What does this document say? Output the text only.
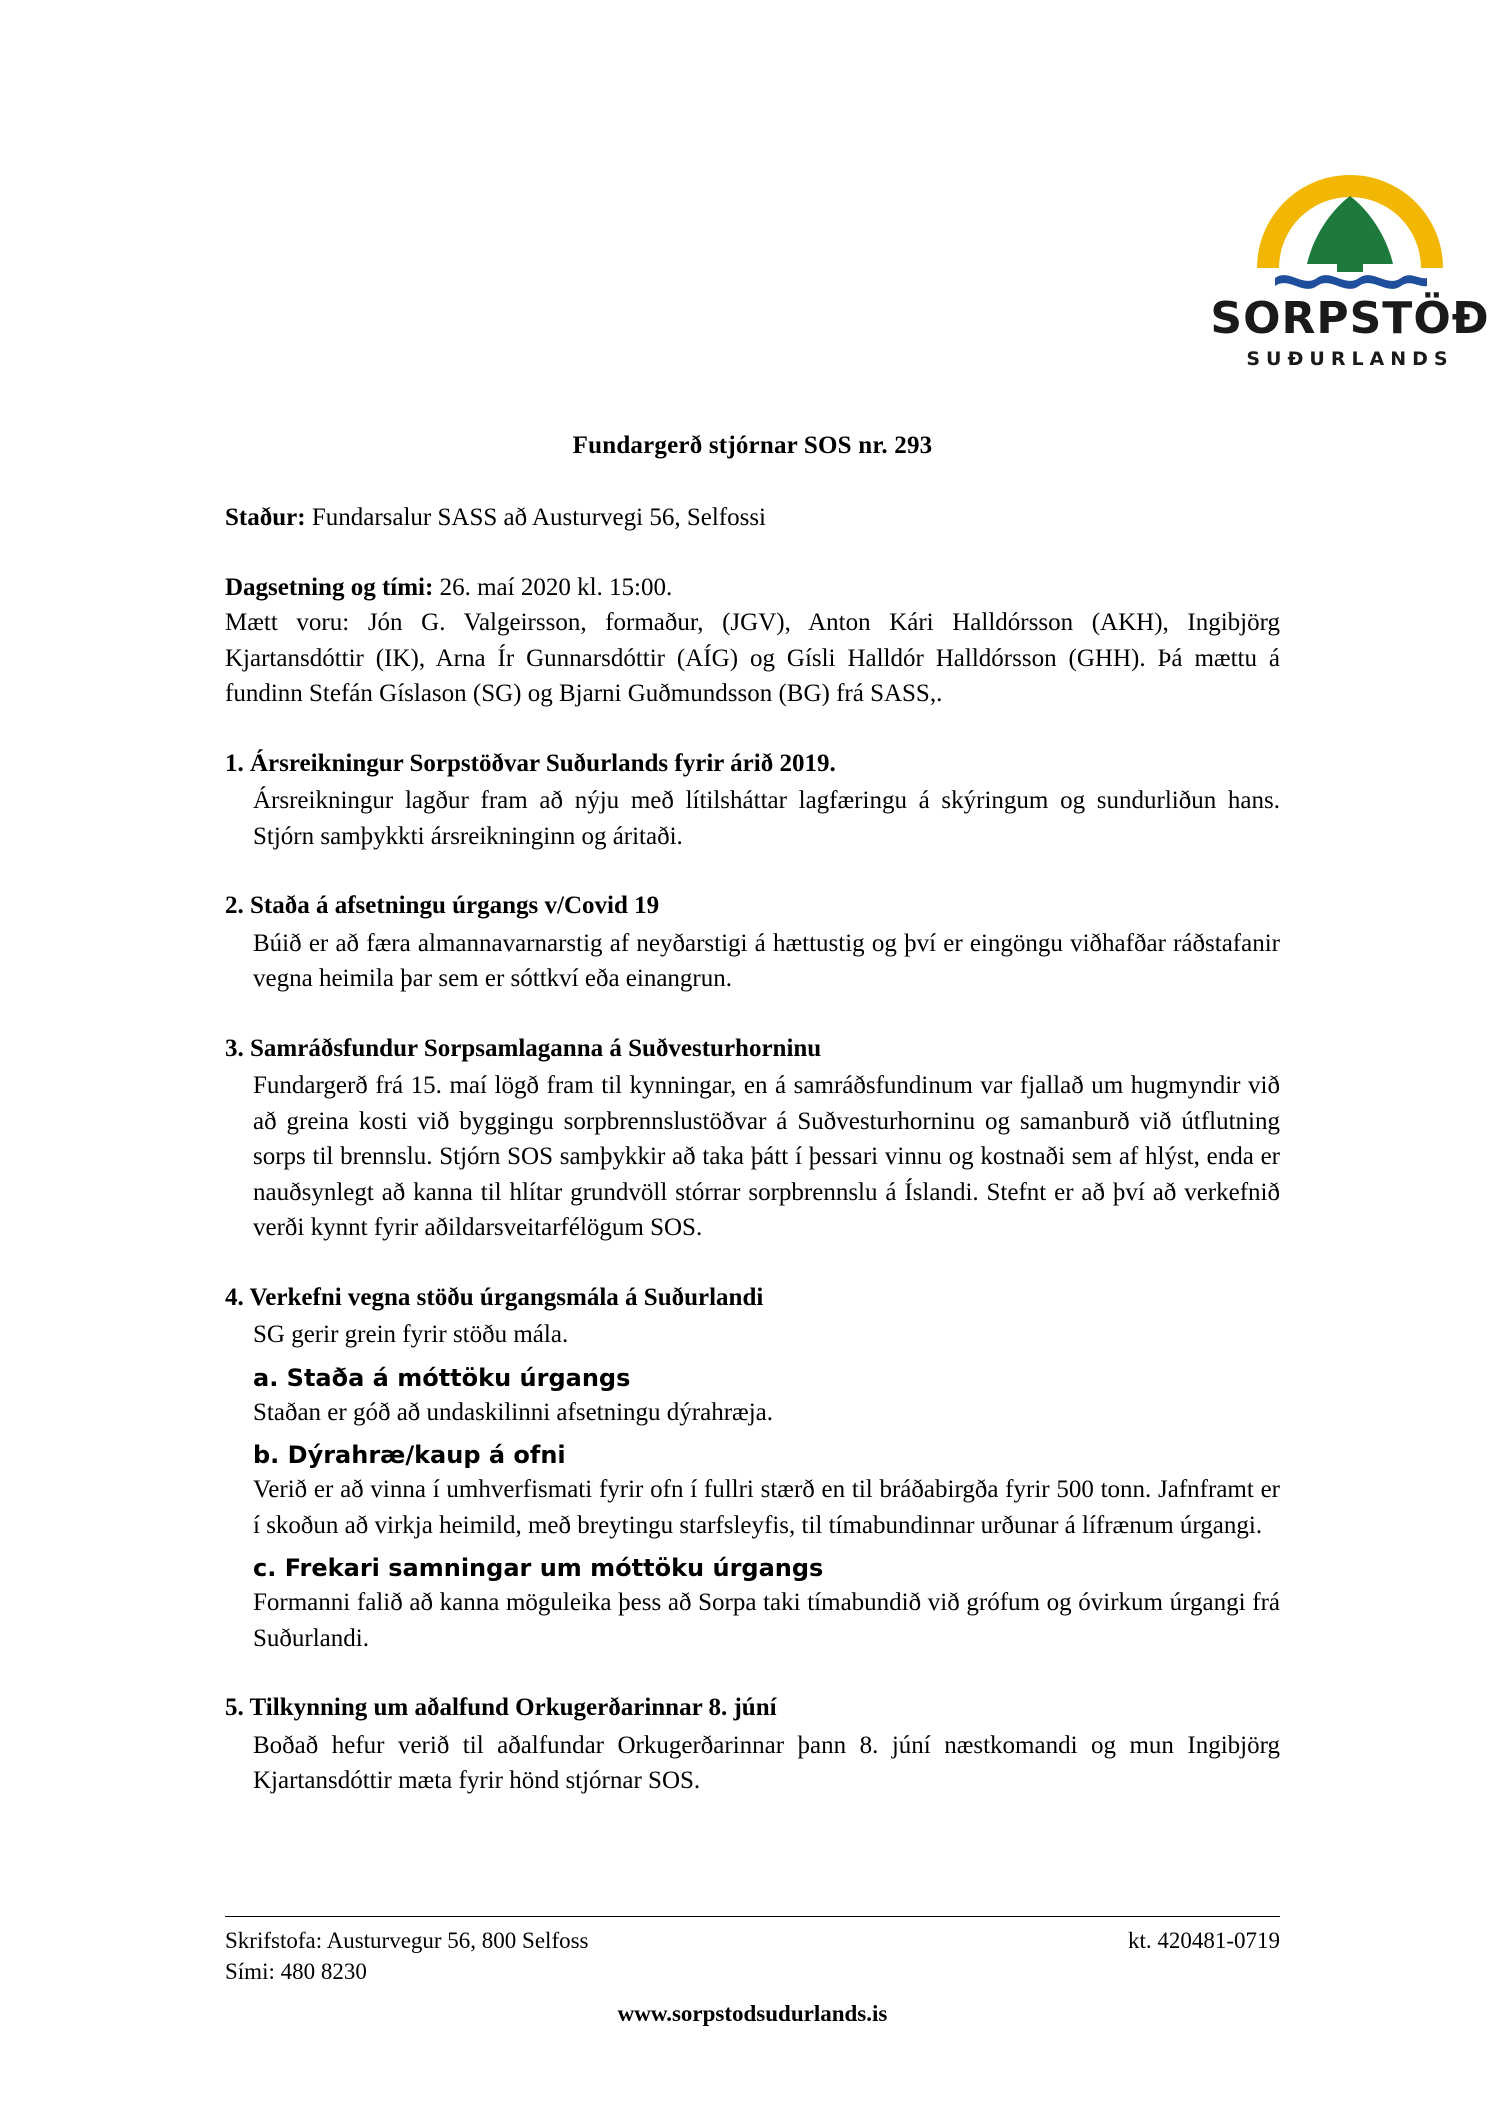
SORPSTÖÐ
SUÐURLANDS
Fundargerð stjórnar SOS nr. 293

Staður: Fundarsalur SASS að Austurvegi 56, Selfossi

Dagsetning og tími: 26. maí 2020 kl. 15:00.

Mætt voru: Jón G. Valgeirsson, formaður, (JGV), Anton Kári Halldórsson (AKH), Ingibjörg Kjartansdóttir (IK), Arna Ír Gunnarsdóttir (AÍG) og Gísli Halldór Halldórsson (GHH). Þá mættu á fundinn Stefán Gíslason (SG) og Bjarni Guðmundsson (BG) frá SASS,.

1. Ársreikningur Sorpstöðvar Suðurlands fyrir árið 2019.

Ársreikningur lagður fram að nýju með lítilsháttar lagfæringu á skýringum og sundurliðun hans. Stjórn samþykkti ársreikninginn og áritaði.

2. Staða á afsetningu úrgangs v/Covid 19

Búið er að færa almannavarnarstig af neyðarstigi á hættustig og því er eingöngu viðhafðar ráðstafanir vegna heimila þar sem er sóttkví eða einangrun.

3. Samráðsfundur Sorpsamlaganna á Suðvesturhorninu

Fundargerð frá 15. maí lögð fram til kynningar, en á samráðsfundinum var fjallað um hugmyndir við að greina kosti við byggingu sorpbrennslustöðvar á Suðvesturhorninu og samanburð við útflutning sorps til brennslu. Stjórn SOS samþykkir að taka þátt í þessari vinnu og kostnaði sem af hlýst, enda er nauðsynlegt að kanna til hlítar grundvöll stórrar sorpbrennslu á Íslandi. Stefnt er að því að verkefnið verði kynnt fyrir aðildarsveitarfélögum SOS.

4. Verkefni vegna stöðu úrgangsmála á Suðurlandi

SG gerir grein fyrir stöðu mála.

a. Staða á móttöku úrgangs

Staðan er góð að undaskilinni afsetningu dýrahræja.

b. Dýrahræ/kaup á ofni

Verið er að vinna í umhverfismati fyrir ofn í fullri stærð en til bráðabirgða fyrir 500 tonn. Jafnframt er í skoðun að virkja heimild, með breytingu starfsleyfis, til tímabundinnar urðunar á lífrænum úrgangi.

c. Frekari samningar um móttöku úrgangs

Formanni falið að kanna möguleika þess að Sorpa taki tímabundið við grófum og óvirkum úrgangi frá Suðurlandi.

5. Tilkynning um aðalfund Orkugerðarinnar 8. júní

Boðað hefur verið til aðalfundar Orkugerðarinnar þann 8. júní næstkomandi og mun Ingibjörg Kjartansdóttir mæta fyrir hönd stjórnar SOS.

Skrifstofa: Austurvegur 56, 800 Selfoss
Sími: 480 8230
kt. 420481-0719
www.sorpstodsudurlands.is
